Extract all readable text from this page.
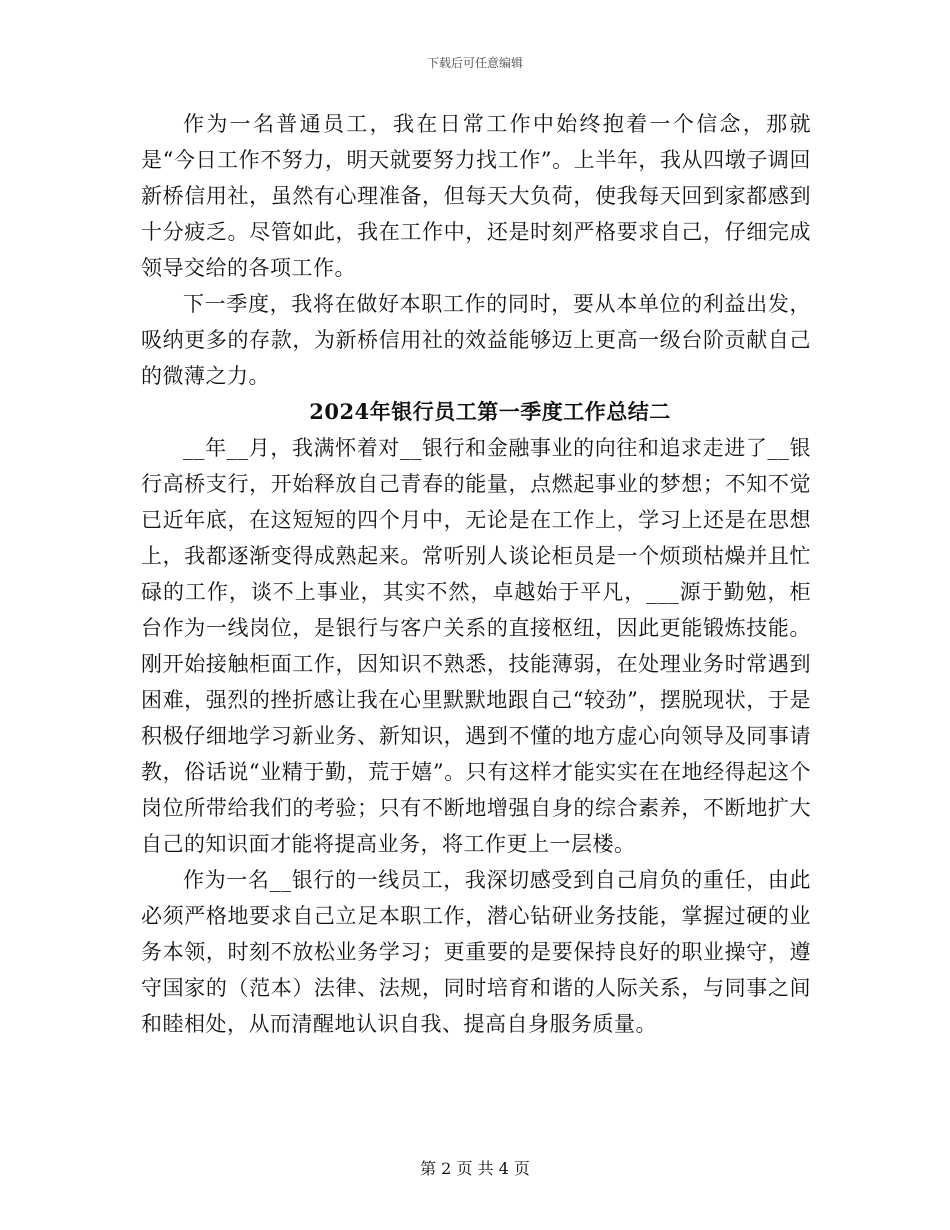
下载后可任意编辑

作为一名普通员工，我在日常工作中始终抱着一个信念，那就是“今日工作不努力，明天就要努力找工作”。上半年，我从四墩子调回新桥信用社，虽然有心理准备，但每天大负荷，使我每天回到家都感到十分疲乏。尽管如此，我在工作中，还是时刻严格要求自己，仔细完成领导交给的各项工作。

下一季度，我将在做好本职工作的同时，要从本单位的利益出发，吸纳更多的存款，为新桥信用社的效益能够迈上更高一级台阶贡献自己的微薄之力。

2024年银行员工第一季度工作总结二

__年__月，我满怀着对__银行和金融事业的向往和追求走进了__银行高桥支行，开始释放自己青春的能量，点燃起事业的梦想；不知不觉已近年底，在这短短的四个月中，无论是在工作上，学习上还是在思想上，我都逐渐变得成熟起来。常听别人谈论柜员是一个烦琐枯燥并且忙碌的工作，谈不上事业，其实不然，卓越始于平凡，___源于勤勉，柜台作为一线岗位，是银行与客户关系的直接枢纽，因此更能锻炼技能。刚开始接触柜面工作，因知识不熟悉，技能薄弱，在处理业务时常遇到困难，强烈的挫折感让我在心里默默地跟自己“较劲”，摆脱现状，于是积极仔细地学习新业务、新知识，遇到不懂的地方虚心向领导及同事请教，俗话说“业精于勤，荒于嬉”。只有这样才能实实在在地经得起这个岗位所带给我们的考验；只有不断地增强自身的综合素养，不断地扩大自己的知识面才能将提高业务，将工作更上一层楼。

作为一名__银行的一线员工，我深切感受到自己肩负的重任，由此必须严格地要求自己立足本职工作，潜心钻研业务技能，掌握过硬的业务本领，时刻不放松业务学习；更重要的是要保持良好的职业操守，遵守国家的（范本）法律、法规，同时培育和谐的人际关系，与同事之间和睦相处，从而清醒地认识自我、提高自身服务质量。

第 2 页 共 4 页
